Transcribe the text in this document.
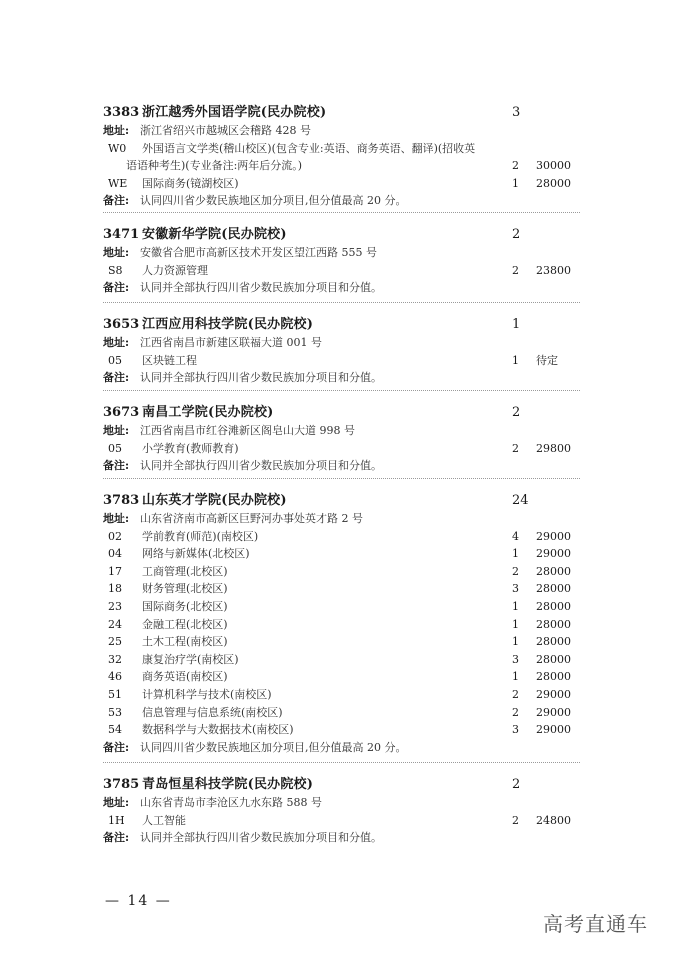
3383 浙江越秀外国语学院(民办院校)	3
地址: 浙江省绍兴市越城区会稽路 428 号
W0 外国语言文学类(稽山校区)(包含专业:英语、商务英语、翻译)(招收英
语语种考生)(专业备注:两年后分流。)	2 30000
WE 国际商务(镜湖校区)	1 28000
备注: 认同四川省少数民族地区加分项目,但分值最高 20 分。
3471 安徽新华学院(民办院校)	2
地址: 安徽省合肥市高新区技术开发区望江西路 555 号
S8 人力资源管理	2 23800
备注: 认同并全部执行四川省少数民族加分项目和分值。
3653 江西应用科技学院(民办院校)	1
地址: 江西省南昌市新建区联福大道 001 号
05 区块链工程	1 待定
备注: 认同并全部执行四川省少数民族加分项目和分值。
3673 南昌工学院(民办院校)	2
地址: 江西省南昌市红谷滩新区阁皂山大道 998 号
05 小学教育(教师教育)	2 29800
备注: 认同并全部执行四川省少数民族加分项目和分值。
3783 山东英才学院(民办院校)	24
地址: 山东省济南市高新区巨野河办事处英才路 2 号
02 学前教育(师范)(南校区)	4 29000
04 网络与新媒体(北校区)	1 29000
17 工商管理(北校区)	2 28000
18 财务管理(北校区)	3 28000
23 国际商务(北校区)	1 28000
24 金融工程(北校区)	1 28000
25 土木工程(南校区)	1 28000
32 康复治疗学(南校区)	3 28000
46 商务英语(南校区)	1 28000
51 计算机科学与技术(南校区)	2 29000
53 信息管理与信息系统(南校区)	2 29000
54 数据科学与大数据技术(南校区)	3 29000
备注: 认同四川省少数民族地区加分项目,但分值最高 20 分。
3785 青岛恒星科技学院(民办院校)	2
地址: 山东省青岛市李沧区九水东路 588 号
1H 人工智能	2 24800
备注: 认同并全部执行四川省少数民族加分项目和分值。
— 14 —
高考直通车
